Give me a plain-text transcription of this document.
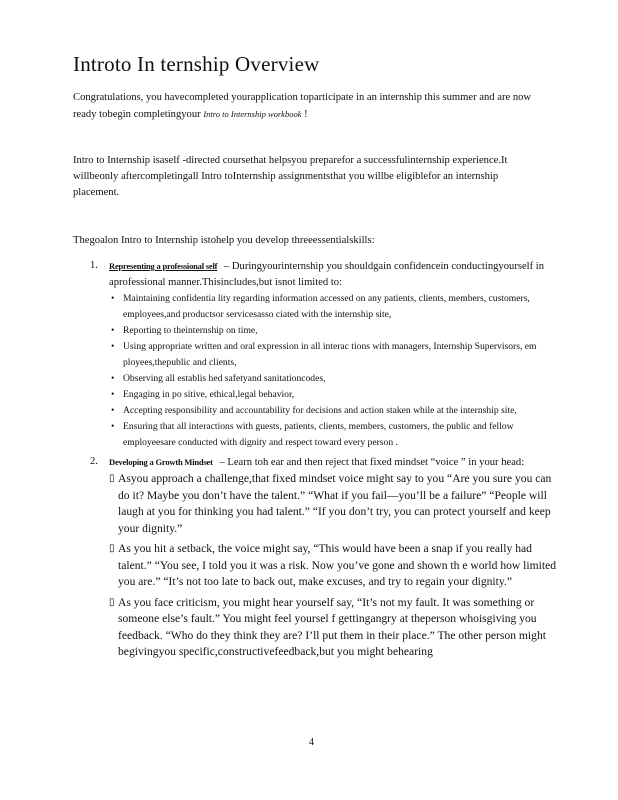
Introto In ternship Overview

Congratulations, you havecompleted yourapplication toparticipate in an internship this summer and are now ready tobegin completingyour Intro to Internship workbook !

Intro to Internship isaself -directed coursethat helpsyou preparefor a successfulinternship experience.It willbeonly aftercompletingall Intro toInternship assignmentsthat you willbe eligiblefor an internship placement.

Thegoalon Intro to Internship istohelp you develop threeessentialskills:

1. Representing a professional self – Duringyourinternship you shouldgain confidencein conductingyourself in aprofessional manner.Thisincludes,but isnot limited to:
• Maintaining confidentia lity regarding information accessed on any patients, clients, members, customers, employees,and productsor servicesasso ciated with the internship site,
• Reporting to theinternship on time,
• Using appropriate written and oral expression in all interac tions with managers, Internship Supervisors, em ployees,thepublic and clients,
• Observing all establis hed safetyand sanitationcodes,
• Engaging in po sitive, ethical,legal behavior,
• Accepting responsibility and accountability for decisions and action staken while at the internship site,
• Ensuring that all interactions with guests, patients, clients, members, customers, the public and fellow employeesare conducted with dignity and respect toward every person .
2. Developing a Growth Mindset – Learn toh ear and then reject that fixed mindset “voice ” in your head:
▯ Asyou approach a challenge,that fixed mindset voice might say to you “Are you sure you can do it? Maybe you don’t have the talent.” “What if you fail—you’ll be a failure” “People will laugh at you for thinking you had talent.” “If you don’t try, you can protect yourself and keep your dignity.”
▯ As you hit a setback, the voice might say, “This would have been a snap if you really had talent.” “You see, I told you it was a risk. Now you’ve gone and shown th e world how limited you are.” “It’s not too late to back out, make excuses, and try to regain your dignity.”
▯ As you face criticism, you might hear yourself say, “It’s not my fault. It was something or someone else’s fault.” You might feel yoursel f gettingangry at theperson whoisgiving you feedback. “Who do they think they are? I’ll put them in their place.” The other person might begivingyou specific,constructivefeedback,but you might behearing

4
